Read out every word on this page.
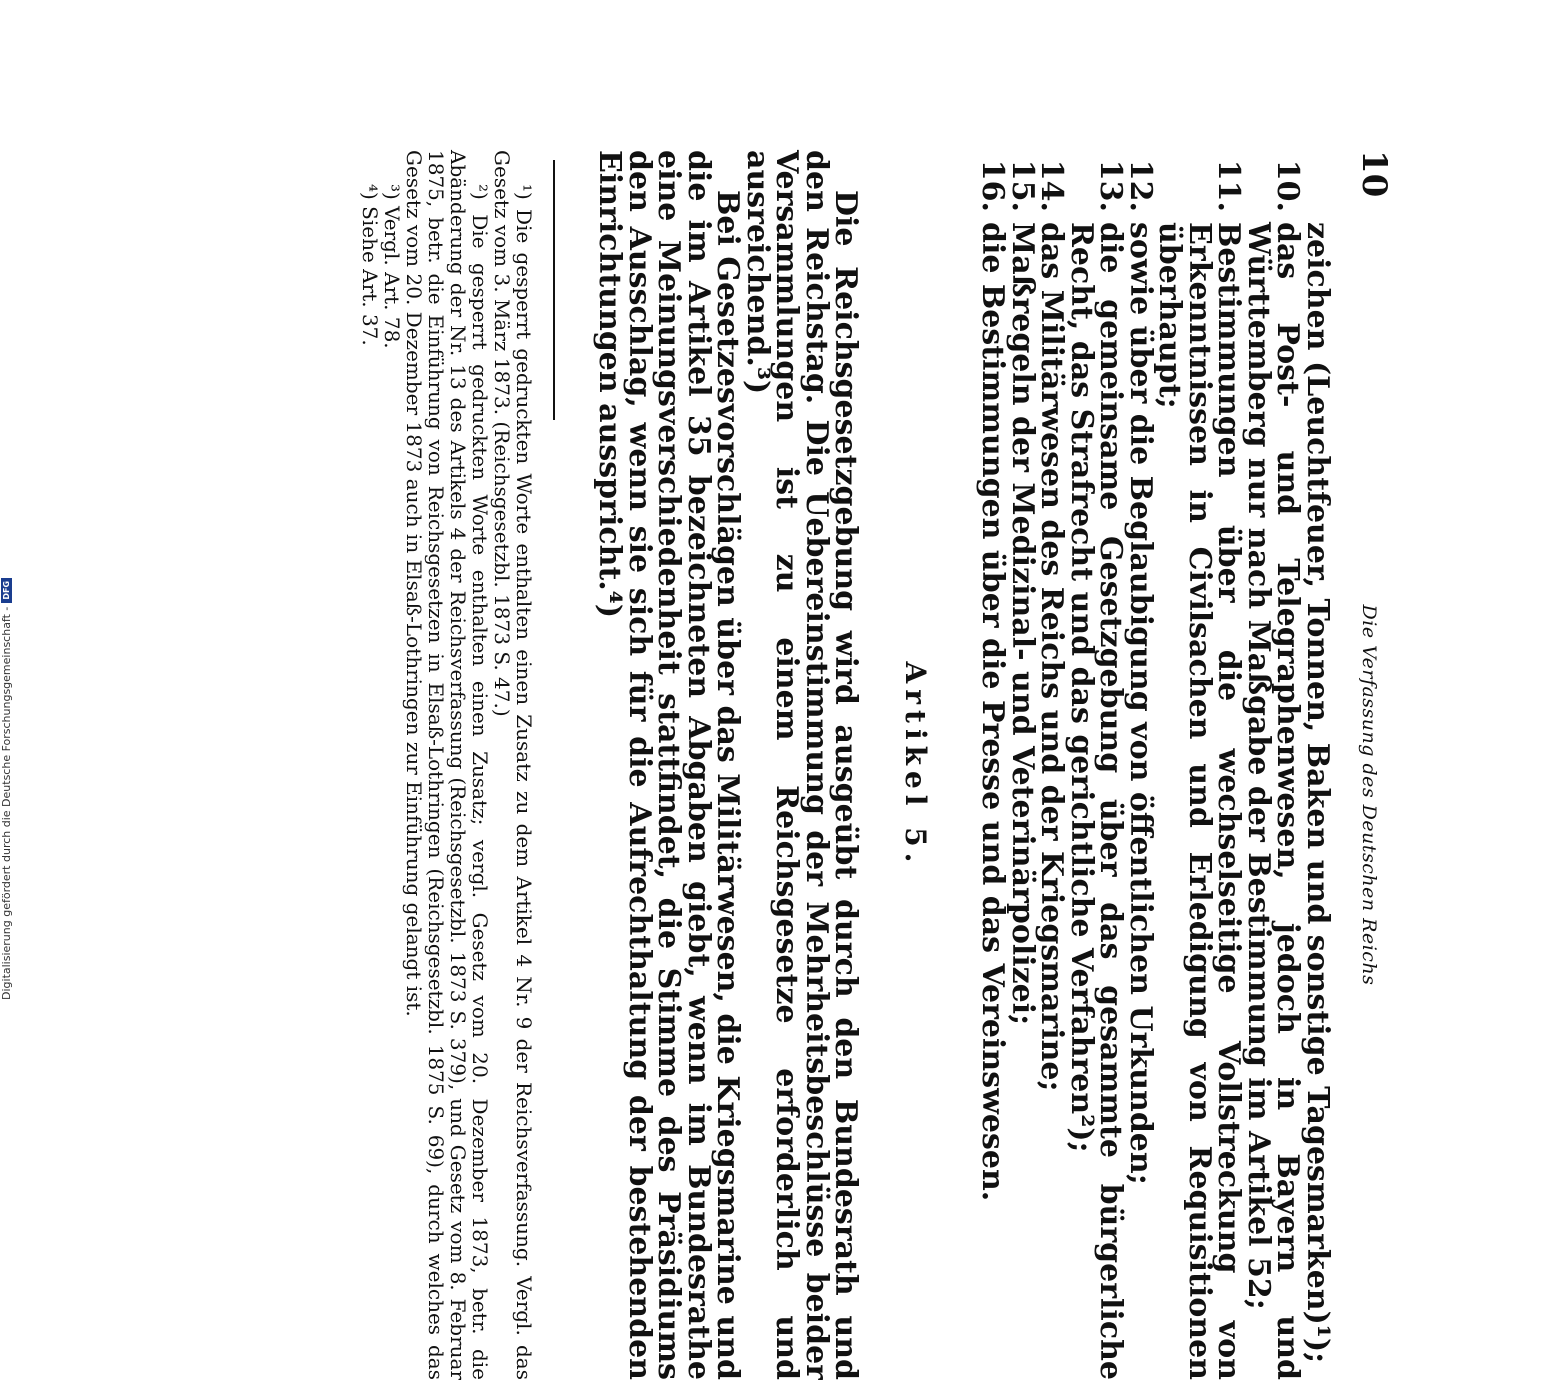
10
Die Verfassung des Deutschen Reichs
zeichen (Leuchtfeuer, Tonnen, Baken und sonstige Tagesmarken)¹);
10.
das Post- und Telegraphenwesen, jedoch in Bayern und Württemberg nur nach Maßgabe der Bestimmung im Artikel 52;
11.
Bestimmungen über die wechselseitige Vollstreckung von Erkenntnissen in Civilsachen und Erledigung von Requisitionen überhaupt;
12.
sowie über die Beglaubigung von öffentlichen Urkunden;
13.
die gemeinsame Gesetzgebung über das gesammte bürgerliche Recht, das Strafrecht und das gerichtliche Verfahren²);
14.
das Militärwesen des Reichs und der Kriegsmarine;
15.
Maßregeln der Medizinal- und Veterinärpolizei;
16.
die Bestimmungen über die Presse und das Vereinswesen.
Artikel 5.
Die Reichsgesetzgebung wird ausgeübt durch den Bundesrath und den Reichstag. Die Uebereinstimmung der Mehrheitsbeschlüsse beider Versammlungen ist zu einem Reichsgesetze erforderlich und ausreichend.³)
Bei Gesetzesvorschlägen über das Militärwesen, die Kriegsmarine und die im Artikel 35 bezeichneten Abgaben giebt, wenn im Bundesrathe eine Meinungsverschiedenheit stattfindet, die Stimme des Präsidiums den Ausschlag, wenn sie sich für die Aufrechthaltung der bestehenden Einrichtungen ausspricht.⁴)
¹) Die gesperrt gedruckten Worte enthalten einen Zusatz zu dem Artikel 4 Nr. 9 der Reichsverfassung. Vergl. das Gesetz vom 3. März 1873. (Reichsgesetzbl. 1873 S. 47.)
²) Die gesperrt gedruckten Worte enthalten einen Zusatz; vergl. Gesetz vom 20. Dezember 1873, betr. die Abänderung der Nr. 13 des Artikels 4 der Reichsverfassung (Reichsgesetzbl. 1873 S. 379), und Gesetz vom 8. Februar 1875, betr. die Einführung von Reichsgesetzen in Elsaß-Lothringen (Reichsgesetzbl. 1875 S. 69), durch welches das Gesetz vom 20. Dezember 1873 auch in Elsaß-Lothringen zur Einführung gelangt ist.
³) Vergl. Art. 78.
⁴) Siehe Art. 37.
Digitalisierung gefördert durch die Deutsche Forschungsgemeinschaft -
DFG
